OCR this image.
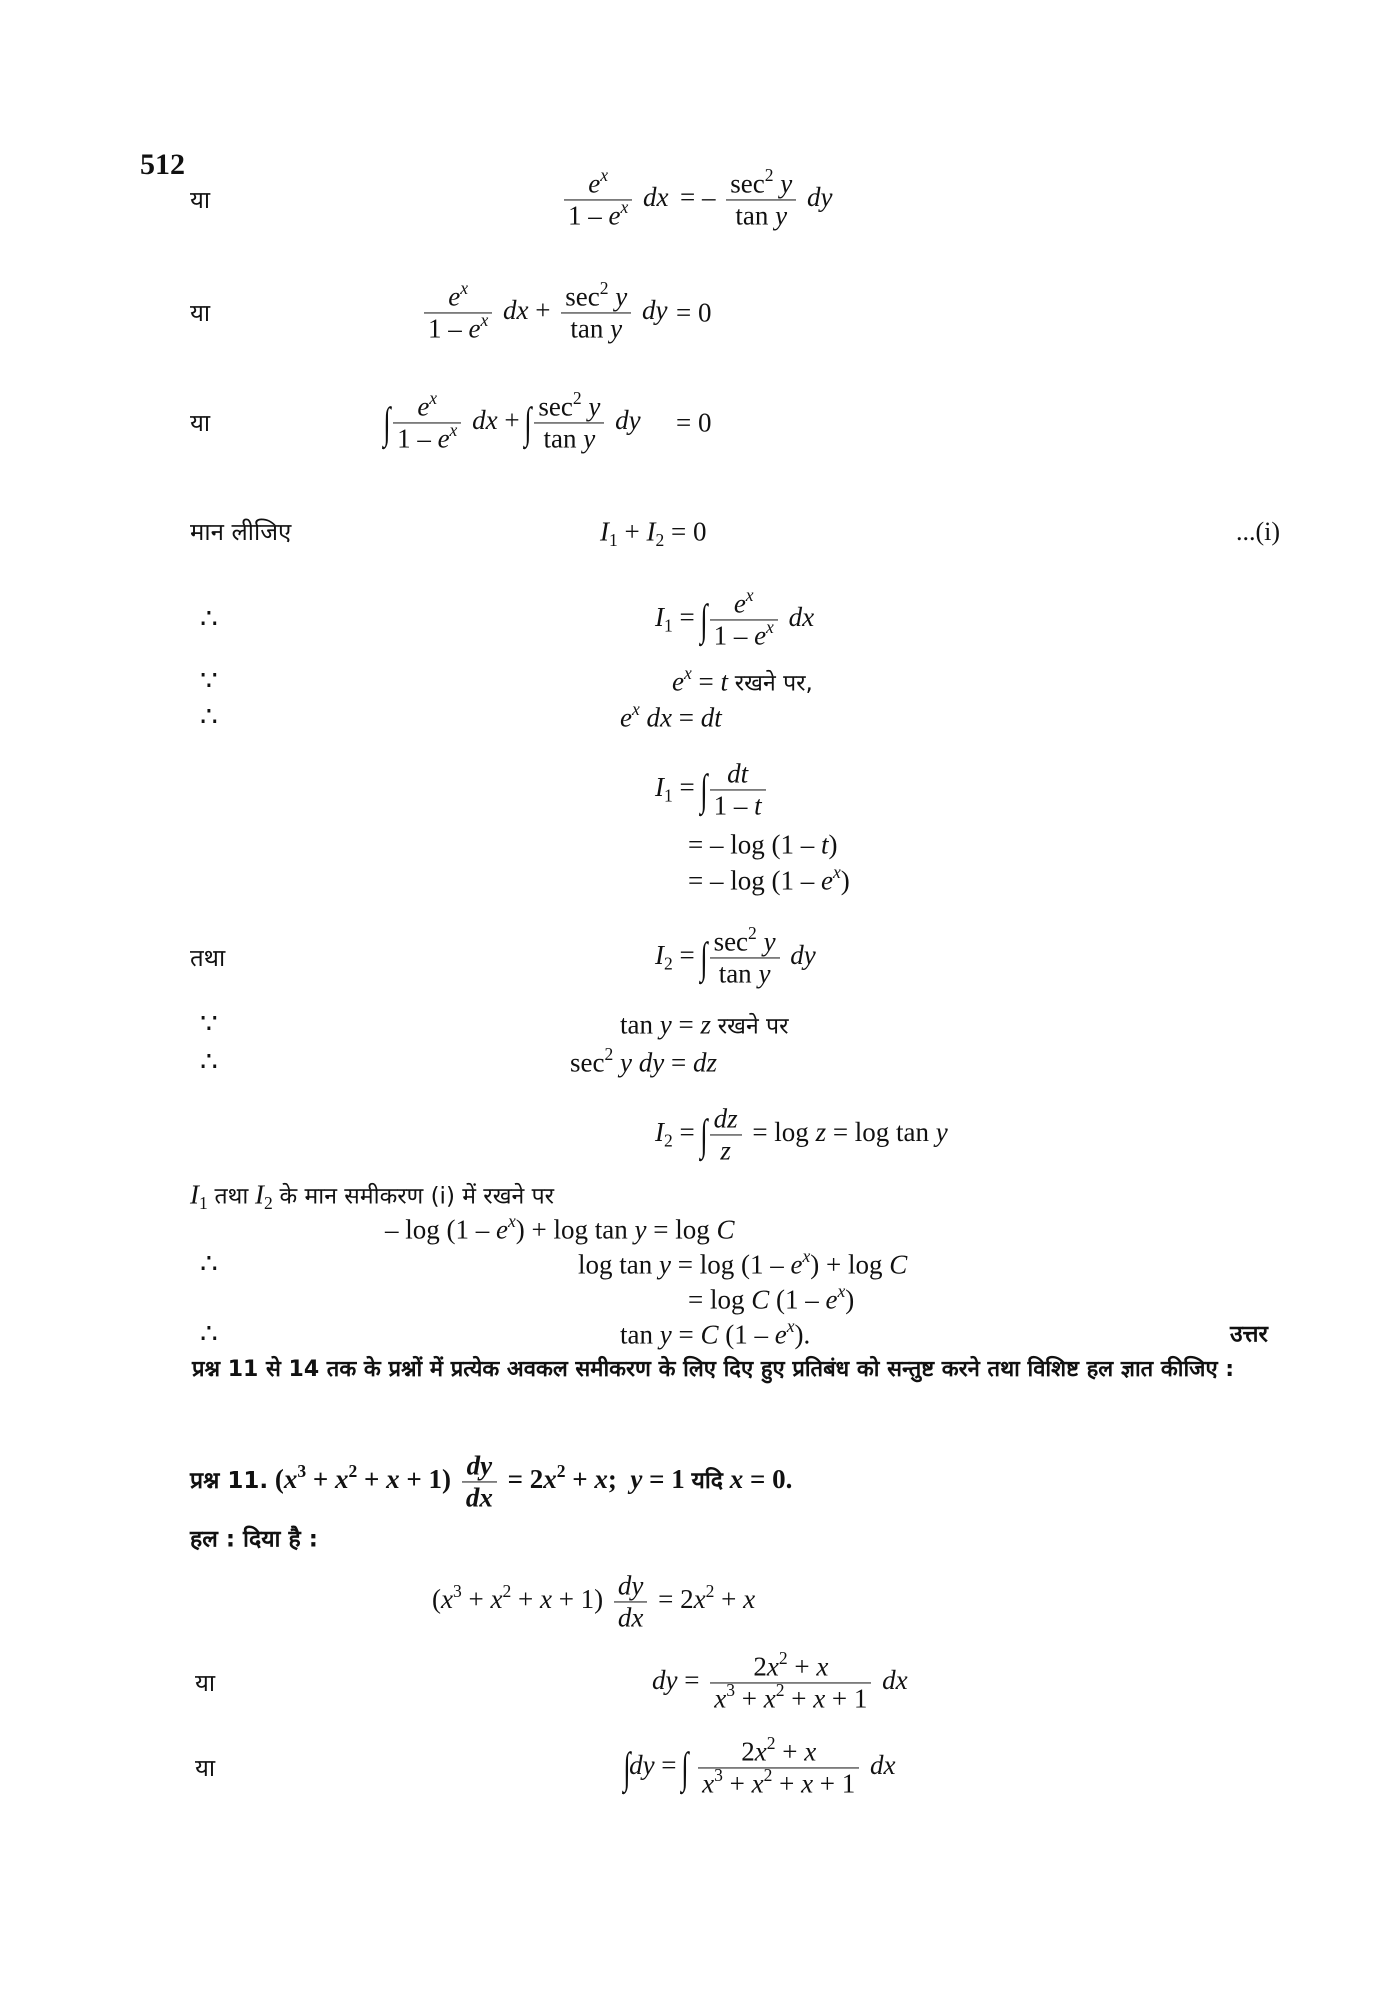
512
या	$\frac{e^x}{1 - e^x}$ dx = – $\frac{\sec^2 y}{\text{tan y}}$ dy
या	$\frac{e^x}{1 - e^x}$ dx + $\frac{\sec^2 y}{\text{tan y}}$ dy = 0
या	∫ $\frac{e^x}{1 - e^x}$ dx + ∫ $\frac{\sec^2 y}{\text{tan y}}$ dy = 0
मान लीजिए	$I_1 + I_2 = 0$	...(i)
∴	$I_1$ = ∫ $\frac{e^x}{1 - e^x}$ dx
∵	$e^x = t$ रखने पर,
∴	$e^x$ dx = dt
$I_1$ = ∫ $\frac{dt}{1 - t}$
= – log (1 – t)
= – $\log (1 - e^x)$
तथा	$I_2$ = ∫ $\frac{\sec^2 y}{\text{tan y}}$ dy
∵	tan y = z रखने पर
∴	$\sec^2 y$ dy = dz
$I_2$ = ∫ $\frac{dz}{z} = \log z = \log \tan y$
$I_1$ तथा $I_2$ के मान समीकरण (i) में रखने पर
– $\log (1 - e^x) + \log \tan y = \log C$
∴	$\log \tan y = \log (1 - e^x) + \log C$
= log C $(1 - e^x)$
∴	tan y = C $(1 - e^x)$.	उत्तर
प्रश्न 11 से 14 तक के प्रश्नों में प्रत्येक अवकल समीकरण के लिए दिए हुए प्रतिबंध को सन्तुष्ट करने तथा विशिष्ट हल ज्ञात कीजिए :
प्रश्न 11. $(x^3 + x^2 + x + 1) \frac{dy}{dx} = 2x^2 + x$;  y = 1 यदि x = 0.
हल : दिया है :
$(x^3 + x^2 + x + 1) \frac{dy}{dx} = 2x^2 + x$
या	dy = $\frac{2x^2 + x}{x^3 + x^2 + x + 1}$ dx
या	∫dy = ∫ $\frac{2x^2 + x}{x^3 + x^2 + x + 1}$ dx
